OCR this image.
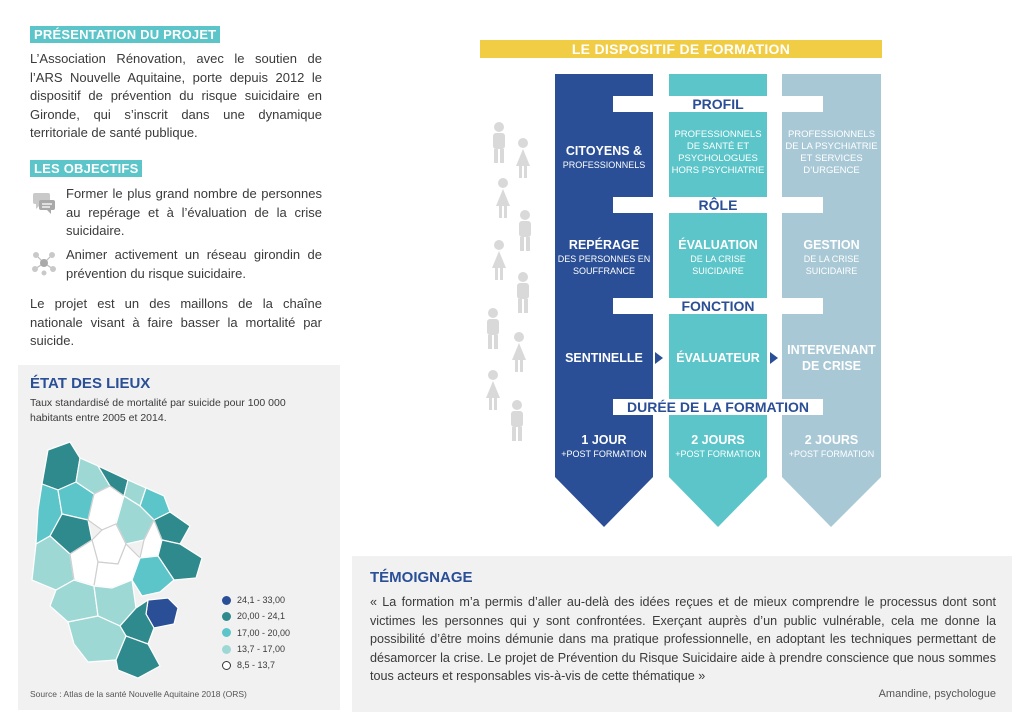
PRÉSENTATION DU PROJET

L’Association Rénovation, avec le soutien de l’ARS Nouvelle Aquitaine, porte depuis 2012 le dispositif de prévention du risque suicidaire en Gironde, qui s’inscrit dans une dynamique territoriale de santé publique.

LES OBJECTIFS
Former le plus grand nombre de personnes au repérage et à l’évaluation de la crise suicidaire.
Animer activement un réseau girondin de prévention du risque suicidaire.

Le projet est un des maillons de la chaîne nationale visant à faire basser la mortalité par suicide.

ÉTAT DES LIEUX
Taux standardisé de mortalité par suicide pour 100 000 habitants entre 2005 et 2014.
24,1 - 33,00
20,00 - 24,1
17,00 - 20,00
13,7 - 17,00
8,5 - 13,7
Source : Atlas de la santé Nouvelle Aquitaine 2018 (ORS)
LE DISPOSITIF DE FORMATION
PROFIL
RÔLE
FONCTION
DURÉE DE LA FORMATION
CITOYENS &
PROFESSIONNELS
REPÉRAGE
DES PERSONNES EN SOUFFRANCE
SENTINELLE
1 JOUR
+POST FORMATION
PROFESSIONNELS DE SANTÉ ET PSYCHOLOGUES HORS PSYCHIATRIE
ÉVALUATION
DE LA CRISE SUICIDAIRE
ÉVALUATEUR
2 JOURS
+POST FORMATION
PROFESSIONNELS DE LA PSYCHIATRIE ET SERVICES D’URGENCE
GESTION
DE LA CRISE SUICIDAIRE
INTERVENANT DE CRISE
2 JOURS
+POST FORMATION
TÉMOIGNAGE

« La formation m’a permis d’aller au-delà des idées reçues et de mieux comprendre le processus dont sont victimes les personnes qui y sont confrontées. Exerçant auprès d’un public vulnérable, cela me donne la possibilité d’être moins démunie dans ma pratique professionnelle, en adoptant les techniques permettant de désamorcer la crise. Le projet de Prévention du Risque Suicidaire aide à prendre conscience que nous sommes tous acteurs et responsables vis-à-vis de cette thématique »

Amandine, psychologue
